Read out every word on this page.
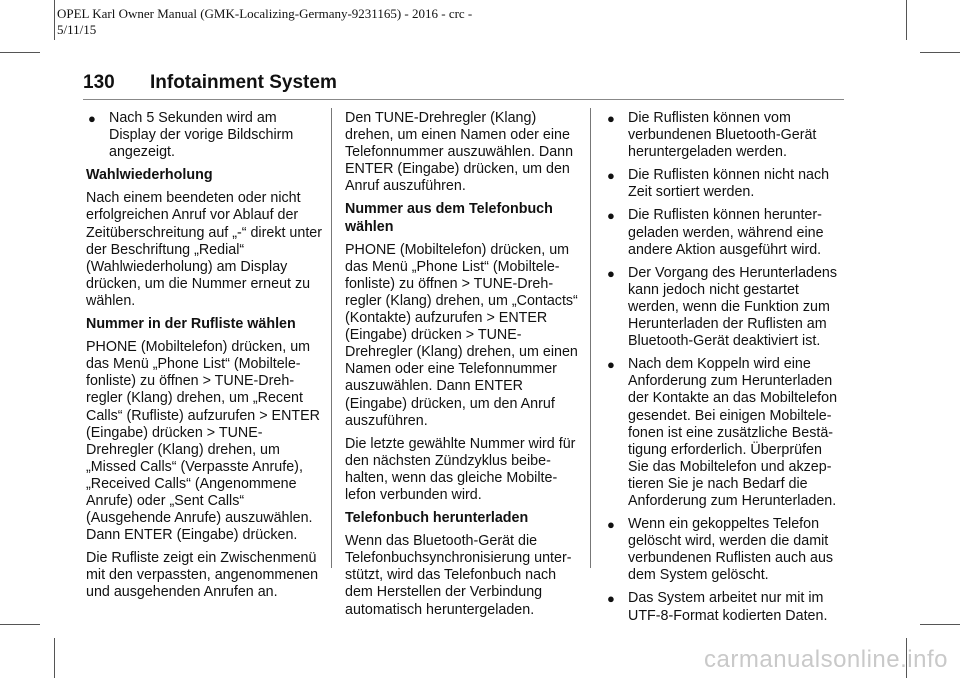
OPEL Karl Owner Manual (GMK-Localizing-Germany-9231165) - 2016 - crc -
5/11/15
130 Infotainment System
● Nach 5 Sekunden wird am Display der vorige Bildschirm angezeigt.
Wahlwiederholung

Nach einem beendeten oder nicht erfolgreichen Anruf vor Ablauf der Zeitüberschreitung auf „-“ direkt unter der Beschriftung „Redial“ (Wahlwiederholung) am Display drücken, um die Nummer erneut zu wählen.

Nummer in der Rufliste wählen

PHONE (Mobiltelefon) drücken, um das Menü „Phone List“ (Mobiltelefonliste) zu öffnen > TUNE-Drehregler (Klang) drehen, um „Recent Calls“ (Rufliste) aufzurufen > ENTER (Eingabe) drücken > TUNE-Drehregler (Klang) drehen, um „Missed Calls“ (Verpasste Anrufe), „Received Calls“ (Angenommene Anrufe) oder „Sent Calls“ (Ausgehende Anrufe) auszuwählen. Dann ENTER (Eingabe) drücken.

Die Rufliste zeigt ein Zwischenmenü mit den verpassten, angenommenen und ausgehenden Anrufen an.

Den TUNE-Drehregler (Klang) drehen, um einen Namen oder eine Telefonnummer auszuwählen. Dann ENTER (Eingabe) drücken, um den Anruf auszuführen.

Nummer aus dem Telefonbuch wählen

PHONE (Mobiltelefon) drücken, um das Menü „Phone List“ (Mobiltelefonliste) zu öffnen > TUNE-Drehregler (Klang) drehen, um „Contacts“ (Kontakte) aufzurufen > ENTER (Eingabe) drücken > TUNE-Drehregler (Klang) drehen, um einen Namen oder eine Telefonnummer auszuwählen. Dann ENTER (Eingabe) drücken, um den Anruf auszuführen.

Die letzte gewählte Nummer wird für den nächsten Zündzyklus beibehalten, wenn das gleiche Mobiltelefon verbunden wird.

Telefonbuch herunterladen

Wenn das Bluetooth-Gerät die Telefonbuchsynchronisierung unterstützt, wird das Telefonbuch nach dem Herstellen der Verbindung automatisch heruntergeladen.

● Die Ruflisten können vom verbundenen Bluetooth-Gerät heruntergeladen werden.
● Die Ruflisten können nicht nach Zeit sortiert werden.
● Die Ruflisten können heruntergeladen werden, während eine andere Aktion ausgeführt wird.
● Der Vorgang des Herunterladens kann jedoch nicht gestartet werden, wenn die Funktion zum Herunterladen der Ruflisten am Bluetooth-Gerät deaktiviert ist.
● Nach dem Koppeln wird eine Anforderung zum Herunterladen der Kontakte an das Mobiltelefon gesendet. Bei einigen Mobiltelefonen ist eine zusätzliche Bestätigung erforderlich. Überprüfen Sie das Mobiltelefon und akzeptieren Sie je nach Bedarf die Anforderung zum Herunterladen.
● Wenn ein gekoppeltes Telefon gelöscht wird, werden die damit verbundenen Ruflisten auch aus dem System gelöscht.
● Das System arbeitet nur mit im UTF-8-Format kodierten Daten.
carmanualsonline.info
